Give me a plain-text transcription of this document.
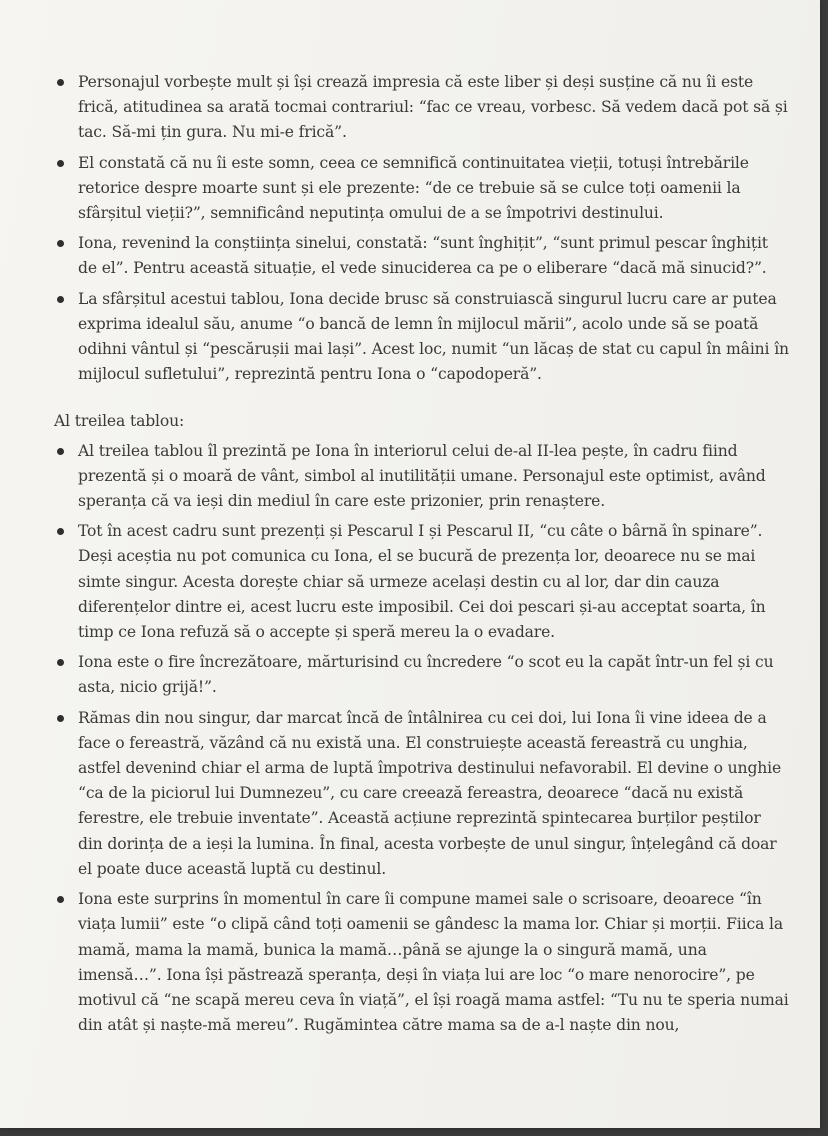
Personajul vorbește mult și își crează impresia că este liber și deși susține că nu îi este frică, atitudinea sa arată tocmai contrariul: “fac ce vreau, vorbesc. Să vedem dacă pot să și tac. Să-mi țin gura. Nu mi-e frică”.
El constată că nu îi este somn, ceea ce semnifică continuitatea vieții, totuși întrebările retorice despre moarte sunt și ele prezente: “de ce trebuie să se culce toți oamenii la sfârșitul vieții?”, semnificând neputința omului de a se împotrivi destinului.
Iona, revenind la conștiința sinelui, constată: “sunt înghițit”, “sunt primul pescar înghițit de el”. Pentru această situație, el vede sinuciderea ca pe o eliberare “dacă mă sinucid?”.
La sfârșitul acestui tablou, Iona decide brusc să construiască singurul lucru care ar putea exprima idealul său, anume “o bancă de lemn în mijlocul mării”, acolo unde să se poată odihni vântul și “pescărușii mai lași”. Acest loc, numit “un lăcaș de stat cu capul în mâini în mijlocul sufletului”, reprezintă pentru Iona o “capodoperă”.
Al treilea tablou:
Al treilea tablou îl prezintă pe Iona în interiorul celui de-al II-lea pește, în cadru fiind prezentă și o moară de vânt, simbol al inutilității umane. Personajul este optimist, având speranța că va ieși din mediul în care este prizonier, prin renaștere.
Tot în acest cadru sunt prezenți și Pescarul I și Pescarul II, “cu câte o bârnă în spinare”. Deși aceștia nu pot comunica cu Iona, el se bucură de prezența lor, deoarece nu se mai simte singur. Acesta dorește chiar să urmeze același destin cu al lor, dar din cauza diferențelor dintre ei, acest lucru este imposibil. Cei doi pescari și-au acceptat soarta, în timp ce Iona refuză să o accepte și speră mereu la o evadare.
Iona este o fire încrezătoare, mărturisind cu încredere “o scot eu la capăt într-un fel și cu asta, nicio grijă!”.
Rămas din nou singur, dar marcat încă de întâlnirea cu cei doi, lui Iona îi vine ideea de a face o fereastră, văzând că nu există una. El construiește această fereastră cu unghia, astfel devenind chiar el arma de luptă împotriva destinului nefavorabil. El devine o unghie “ca de la piciorul lui Dumnezeu”, cu care creează fereastra, deoarece “dacă nu există ferestre, ele trebuie inventate”. Această acțiune reprezintă spintecarea burților peștilor din dorința de a ieși la lumina. În final, acesta vorbește de unul singur, înțelegând că doar el poate duce această luptă cu destinul.
Iona este surprins în momentul în care îi compune mamei sale o scrisoare, deoarece “în viața lumii” este “o clipă când toți oamenii se gândesc la mama lor. Chiar și morții. Fiica la mamă, mama la mamă, bunica la mamă…până se ajunge la o singură mamă, una imensă…”. Iona își păstrează speranța, deși în viața lui are loc “o mare nenorocire”, pe motivul că “ne scapă mereu ceva în viață”, el își roagă mama astfel: “Tu nu te speria numai din atât și naște-mă mereu”. Rugămintea către mama sa de a-l naște din nou,
